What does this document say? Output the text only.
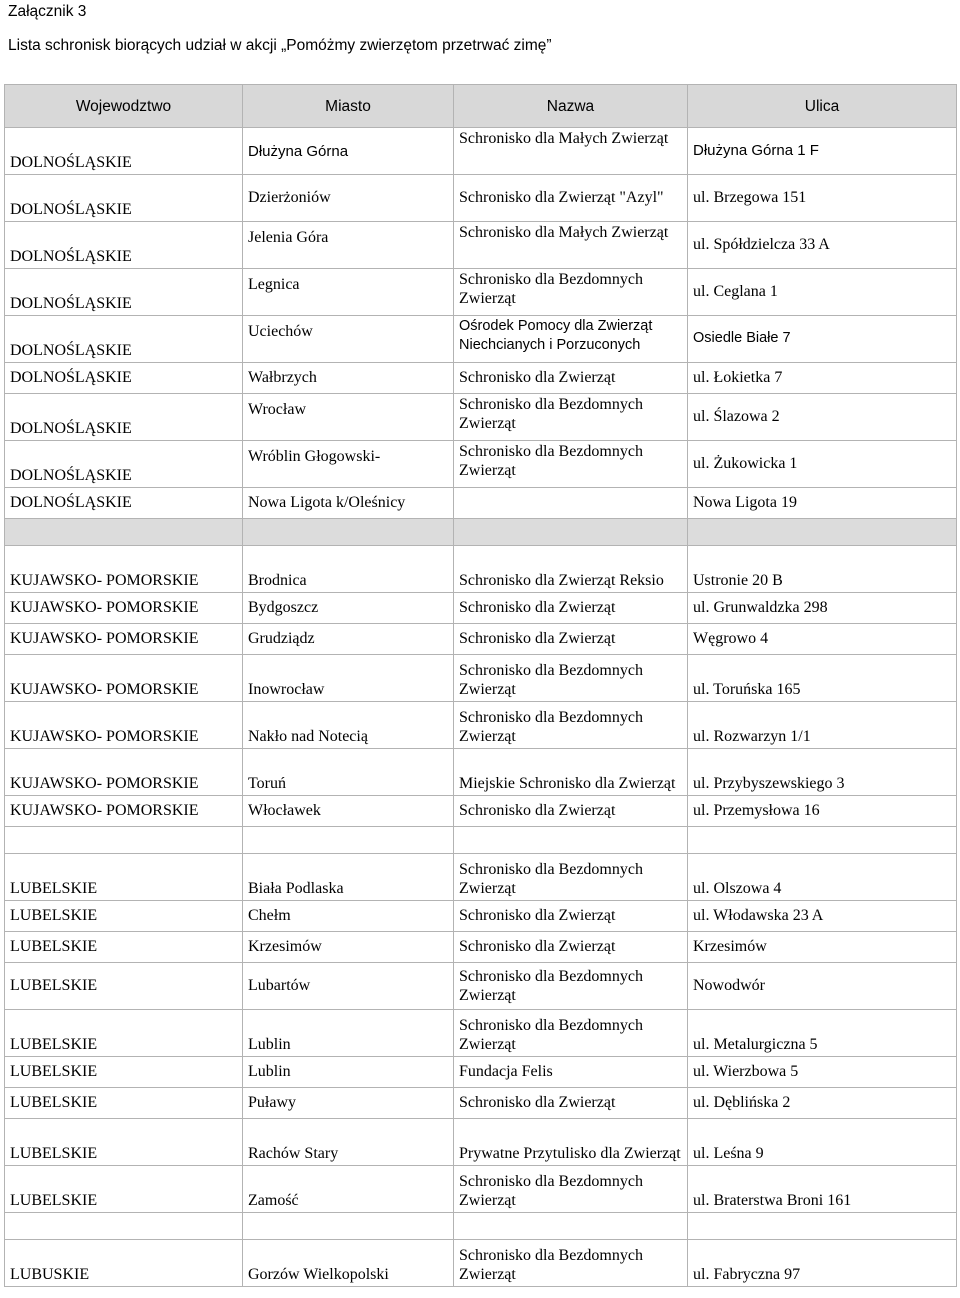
Załącznik 3
Lista schronisk biorących udział w akcji „Pomóżmy zwierzętom przetrwać zimę”
Wojewodztwo	Miasto	Nazwa	Ulica
DOLNOŚLĄSKIE	Dłużyna Górna	Schronisko dla Małych Zwierząt	Dłużyna Górna 1 F
DOLNOŚLĄSKIE	Dzierżoniów	Schronisko dla Zwierząt "Azyl"	ul. Brzegowa 151
DOLNOŚLĄSKIE	Jelenia Góra	Schronisko dla Małych Zwierząt	ul. Spółdzielcza 33 A
DOLNOŚLĄSKIE	Legnica	Schronisko dla Bezdomnych Zwierząt	ul. Ceglana 1
DOLNOŚLĄSKIE	Uciechów	Ośrodek Pomocy dla Zwierząt Niechcianych i Porzuconych	Osiedle Białe 7
DOLNOŚLĄSKIE	Wałbrzych	Schronisko dla Zwierząt	ul. Łokietka 7
DOLNOŚLĄSKIE	Wrocław	Schronisko dla Bezdomnych Zwierząt	ul. Ślazowa 2
DOLNOŚLĄSKIE	Wróblin Głogowski-	Schronisko dla Bezdomnych Zwierząt	ul. Żukowicka 1
DOLNOŚLĄSKIE	Nowa Ligota k/Oleśnicy		Nowa Ligota 19

KUJAWSKO- POMORSKIE	Brodnica	Schronisko dla Zwierząt Reksio	Ustronie 20 B
KUJAWSKO- POMORSKIE	Bydgoszcz	Schronisko dla Zwierząt	ul. Grunwaldzka 298
KUJAWSKO- POMORSKIE	Grudziądz	Schronisko dla Zwierząt	Węgrowo 4
KUJAWSKO- POMORSKIE	Inowrocław	Schronisko dla Bezdomnych Zwierząt	ul. Toruńska 165
KUJAWSKO- POMORSKIE	Nakło nad Notecią	Schronisko dla Bezdomnych Zwierząt	ul. Rozwarzyn 1/1
KUJAWSKO- POMORSKIE	Toruń	Miejskie Schronisko dla Zwierząt	ul. Przybyszewskiego 3
KUJAWSKO- POMORSKIE	Włocławek	Schronisko dla Zwierząt	ul. Przemysłowa 16

LUBELSKIE	Biała Podlaska	Schronisko dla Bezdomnych Zwierząt	ul. Olszowa 4
LUBELSKIE	Chełm	Schronisko dla Zwierząt	ul. Włodawska 23 A
LUBELSKIE	Krzesimów	Schronisko dla Zwierząt	Krzesimów
LUBELSKIE	Lubartów	Schronisko dla Bezdomnych Zwierząt	Nowodwór
LUBELSKIE	Lublin	Schronisko dla Bezdomnych Zwierząt	ul. Metalurgiczna 5
LUBELSKIE	Lublin	Fundacja Felis	ul. Wierzbowa 5
LUBELSKIE	Puławy	Schronisko dla Zwierząt	ul. Dęblińska 2
LUBELSKIE	Rachów Stary	Prywatne Przytulisko dla Zwierząt	ul. Leśna 9
LUBELSKIE	Zamość	Schronisko dla Bezdomnych Zwierząt	ul. Braterstwa Broni 161

LUBUSKIE	Gorzów Wielkopolski	Schronisko dla Bezdomnych Zwierząt	ul. Fabryczna 97
